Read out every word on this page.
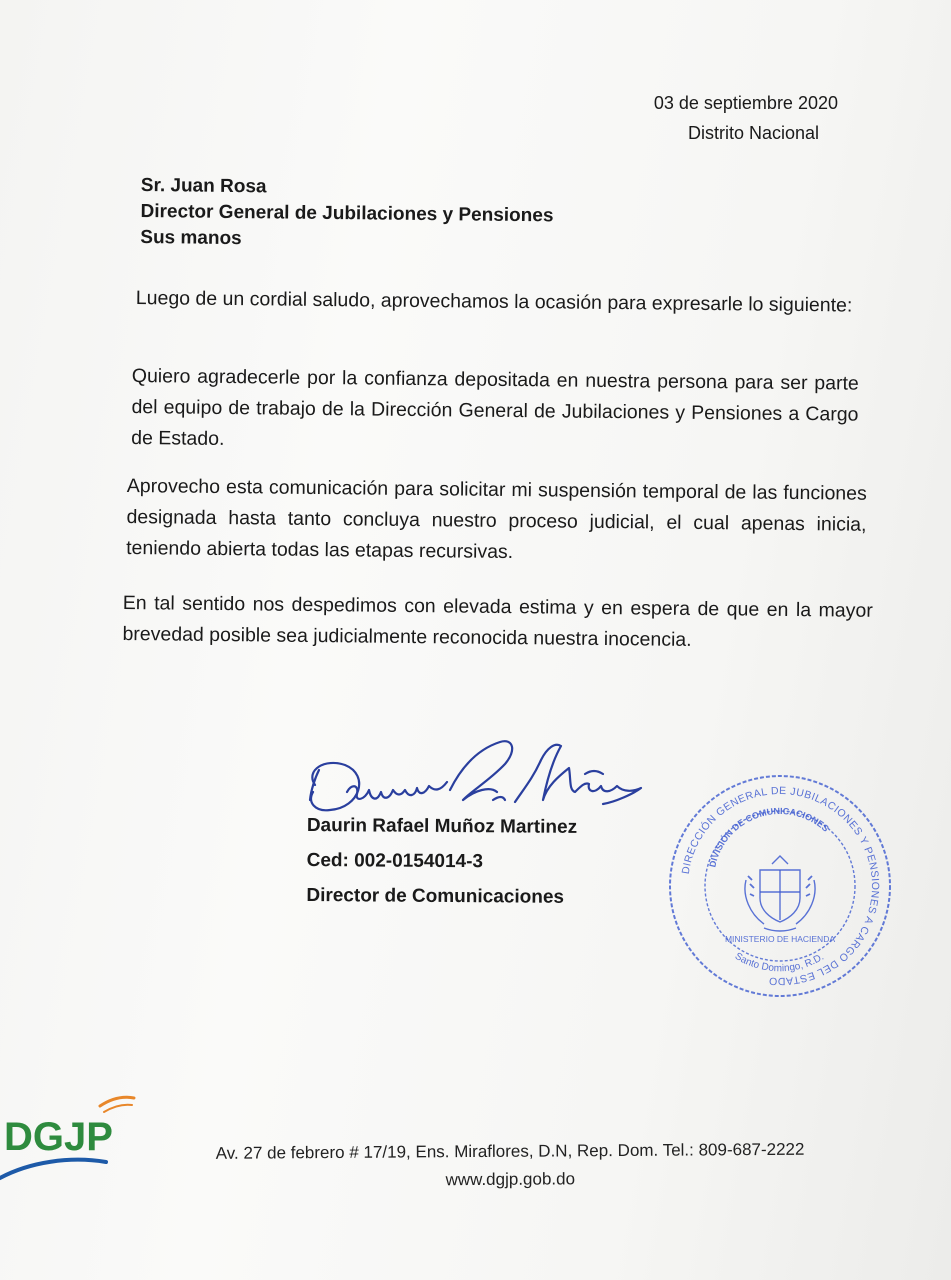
03 de septiembre 2020
Distrito Nacional
Sr. Juan Rosa
Director General de Jubilaciones y Pensiones
Sus manos
Luego de un cordial saludo, aprovechamos la ocasión para expresarle lo siguiente:
Quiero agradecerle por la confianza depositada en nuestra persona para ser parte del equipo de trabajo de la Dirección General de Jubilaciones y Pensiones a Cargo de Estado.
Aprovecho esta comunicación para solicitar mi suspensión temporal de las funciones designada hasta tanto concluya nuestro proceso judicial, el cual apenas inicia, teniendo abierta todas las etapas recursivas.
En tal sentido nos despedimos con elevada estima y en espera de que en la mayor brevedad posible sea judicialmente reconocida nuestra inocencia.
Daurin Rafael Muñoz Martinez
Ced: 002-0154014-3
Director de Comunicaciones
DIRECCIÓN GENERAL DE JUBILACIONES Y PENSIONES A CARGO DEL ESTADO
DIVISIÓN DE COMUNICACIONES
MINISTERIO DE HACIENDA
Santo Domingo, R.D.
DGJP	Av. 27 de febrero # 17/19, Ens. Miraflores, D.N, Rep. Dom. Tel.: 809-687-2222
www.dgjp.gob.do
